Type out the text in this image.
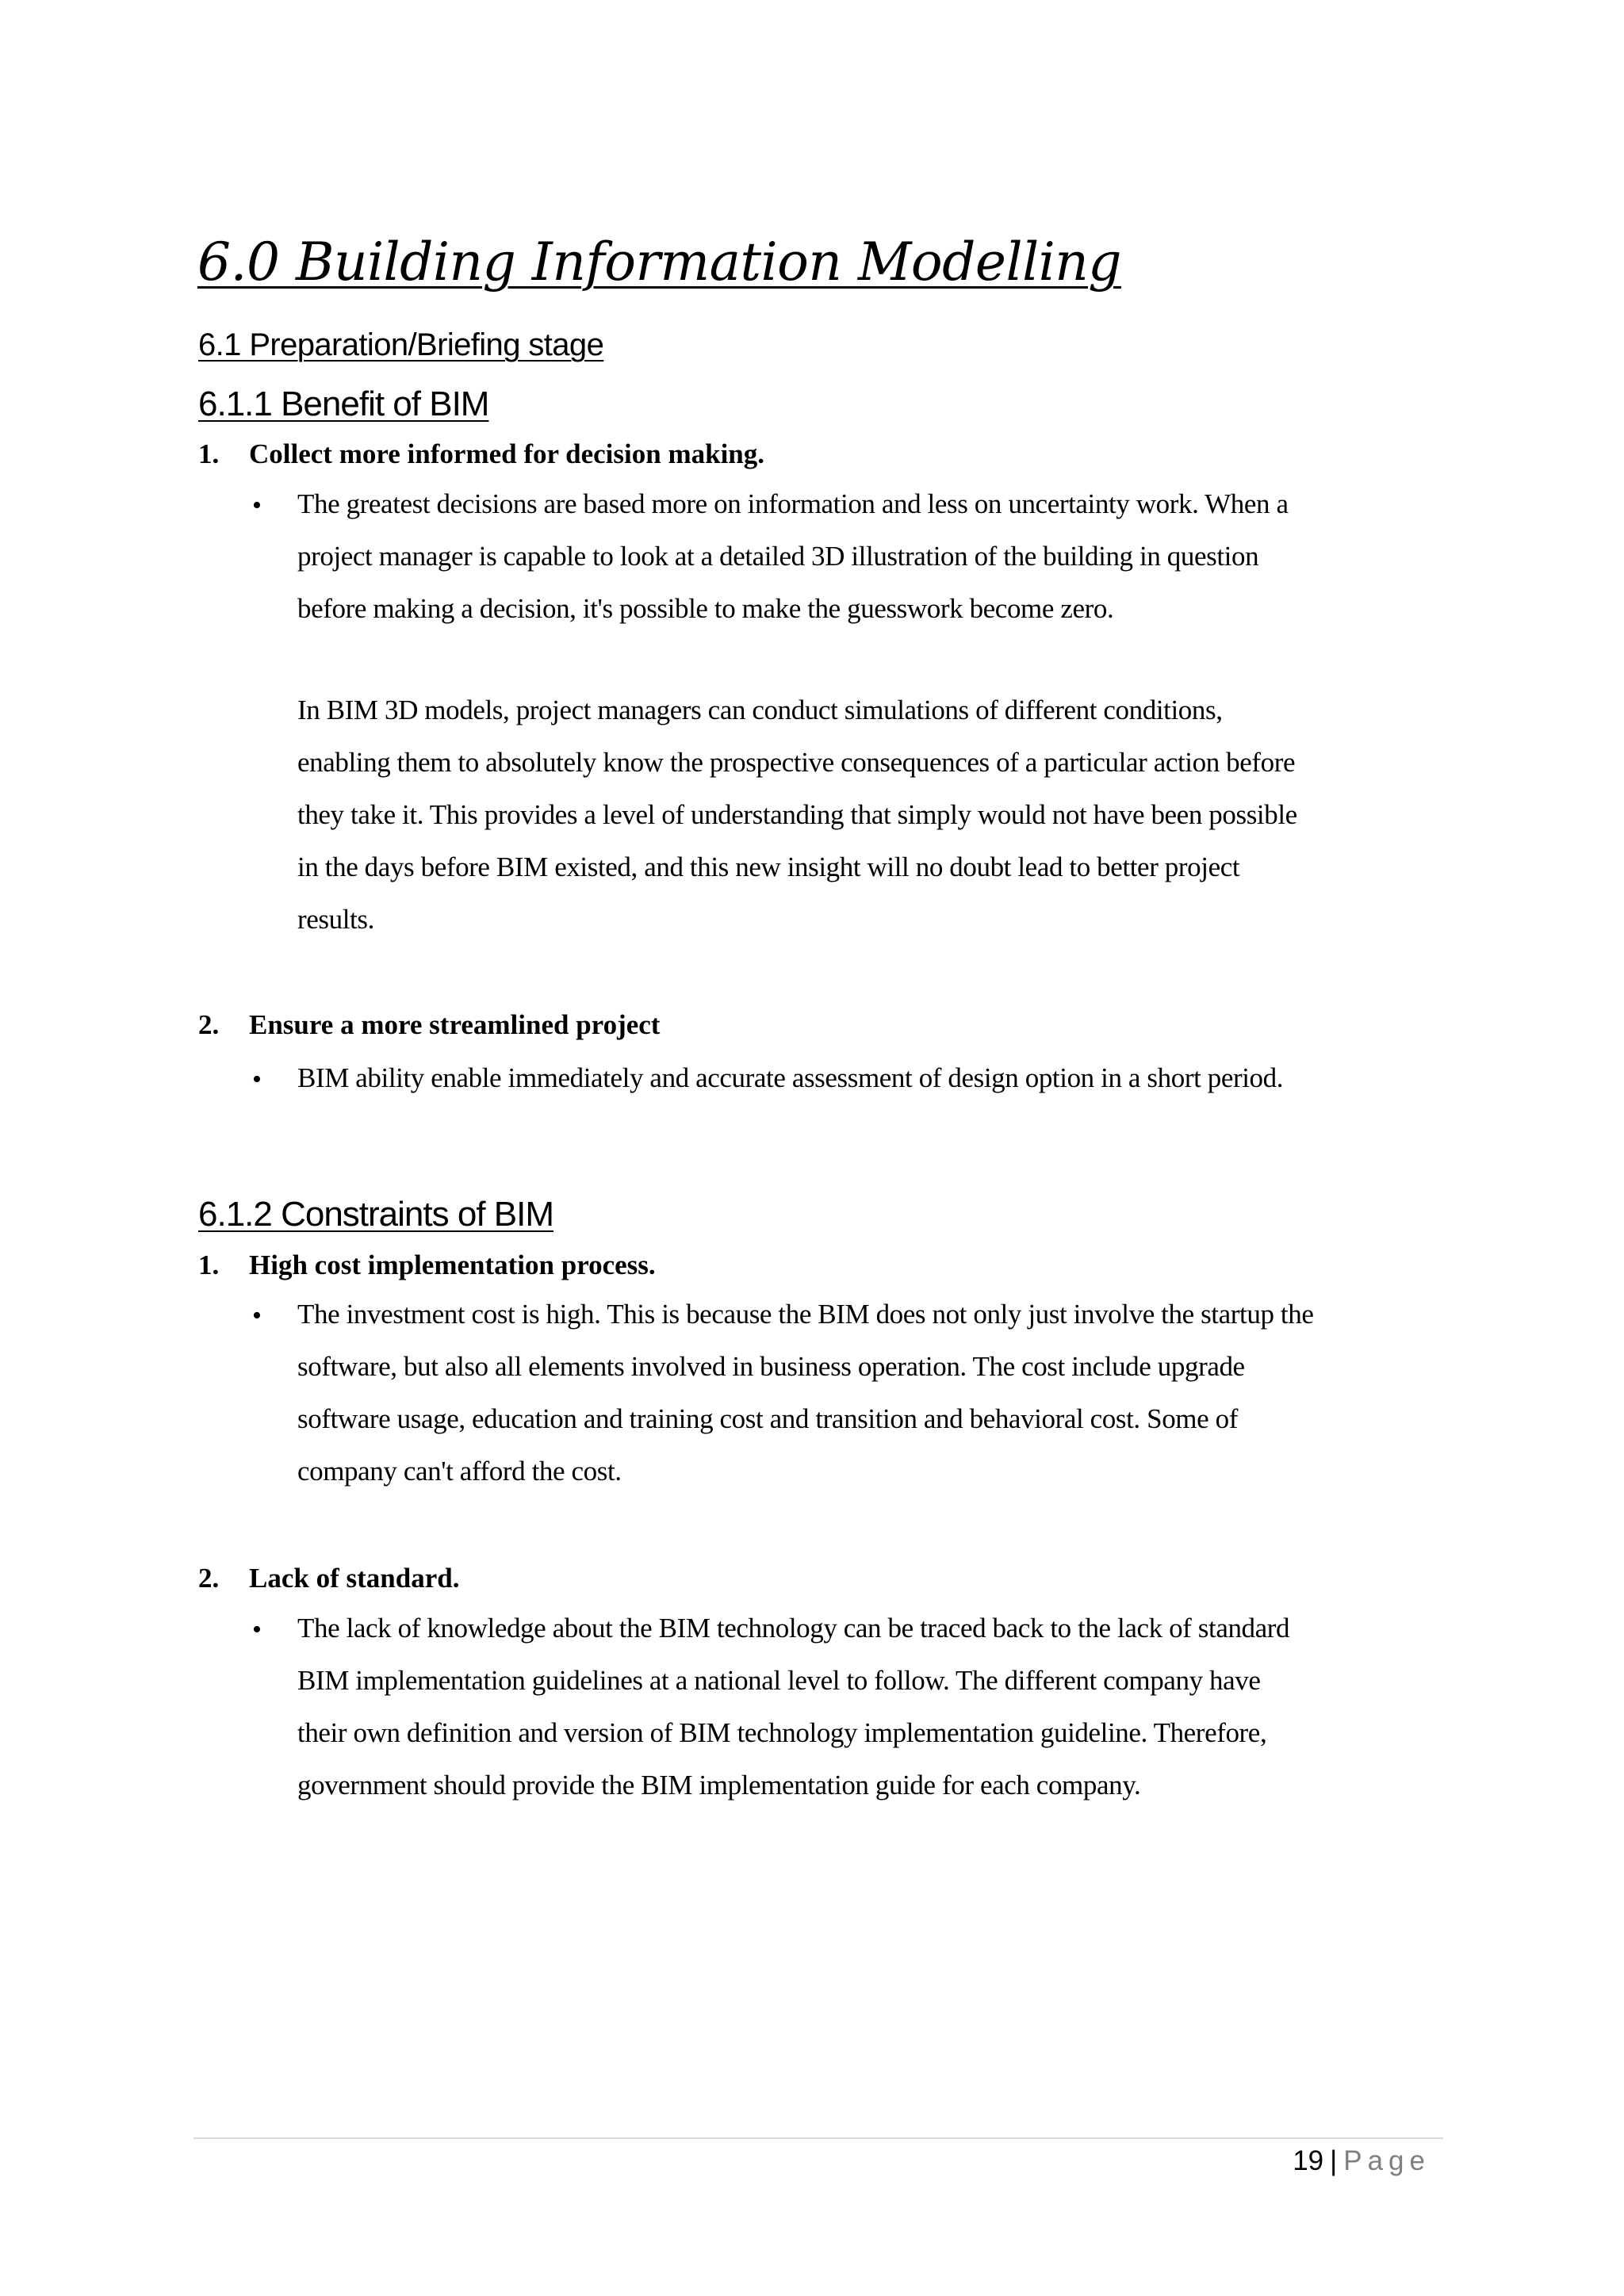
6.0 Building Information Modelling
6.1 Preparation/Briefing stage
6.1.1 Benefit of BIM
1. Collect more informed for decision making.
• The greatest decisions are based more on information and less on uncertainty work. When a
project manager is capable to look at a detailed 3D illustration of the building in question
before making a decision, it's possible to make the guesswork become zero.

In BIM 3D models, project managers can conduct simulations of different conditions,
enabling them to absolutely know the prospective consequences of a particular action before
they take it. This provides a level of understanding that simply would not have been possible
in the days before BIM existed, and this new insight will no doubt lead to better project
results.

2. Ensure a more streamlined project
• BIM ability enable immediately and accurate assessment of design option in a short period.

6.1.2 Constraints of BIM
1. High cost implementation process.
• The investment cost is high. This is because the BIM does not only just involve the startup the
software, but also all elements involved in business operation. The cost include upgrade
software usage, education and training cost and transition and behavioral cost. Some of
company can't afford the cost.

2. Lack of standard.
• The lack of knowledge about the BIM technology can be traced back to the lack of standard
BIM implementation guidelines at a national level to follow. The different company have
their own definition and version of BIM technology implementation guideline. Therefore,
government should provide the BIM implementation guide for each company.

19 | Page
